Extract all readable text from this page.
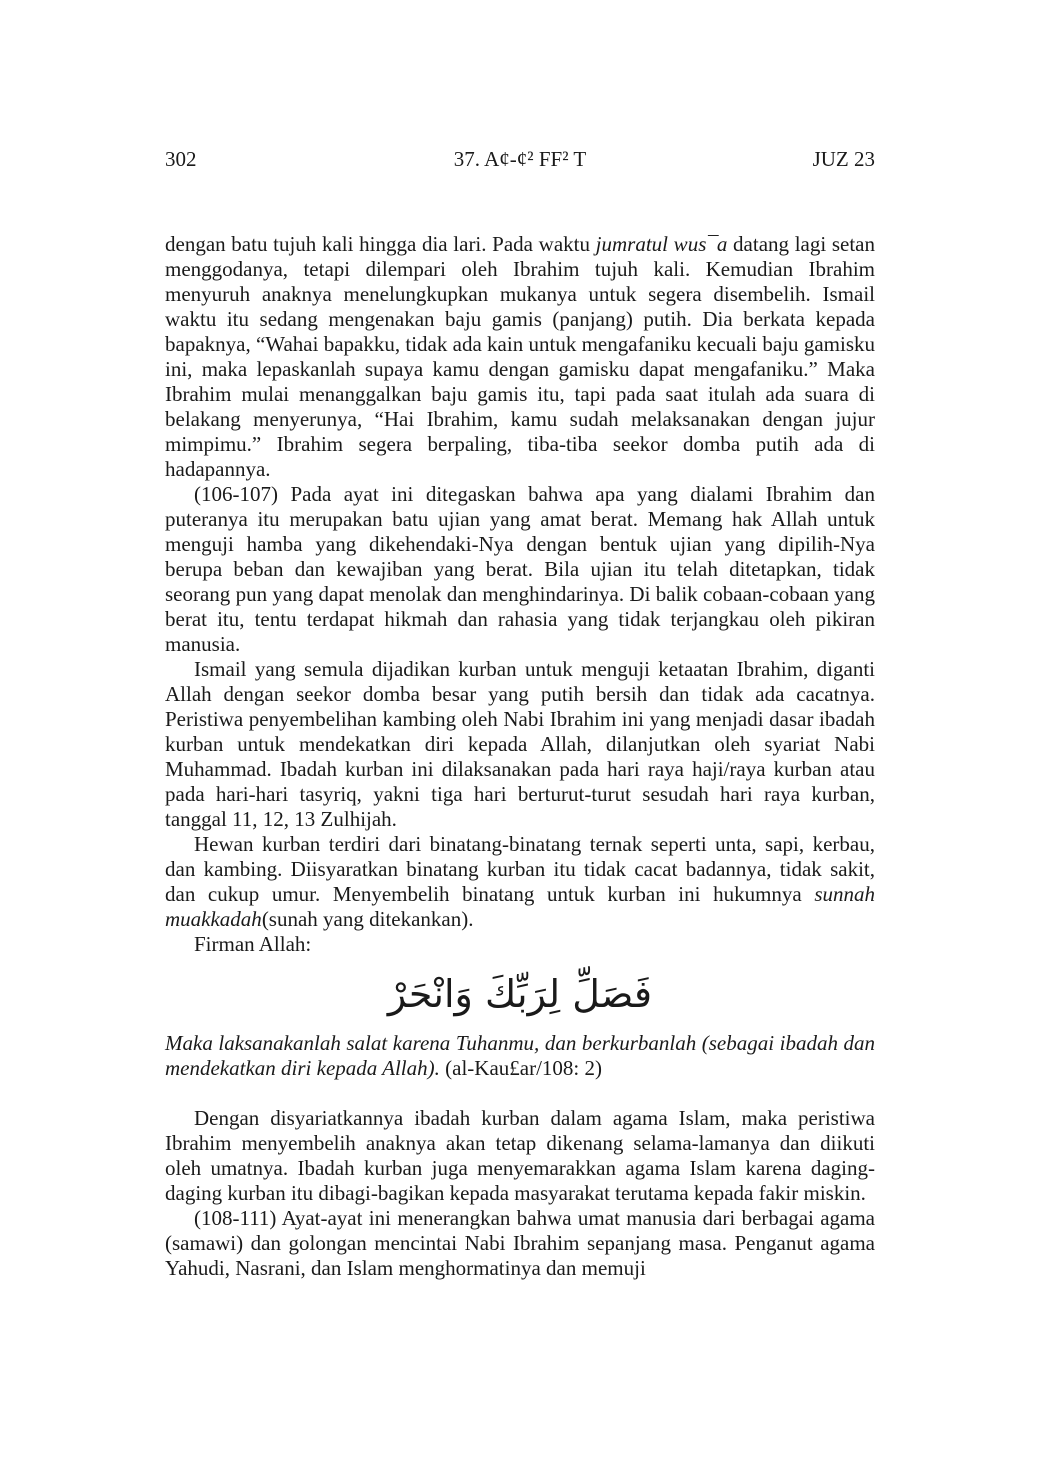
302	37. A¢-¢² FF² T	JUZ 23

dengan batu tujuh kali hingga dia lari. Pada waktu jumratul wus¯a datang lagi setan menggodanya, tetapi dilempari oleh Ibrahim tujuh kali. Kemudian Ibrahim menyuruh anaknya menelungkupkan mukanya untuk segera disembelih. Ismail waktu itu sedang mengenakan baju gamis (panjang) putih. Dia berkata kepada bapaknya, “Wahai bapakku, tidak ada kain untuk mengafaniku kecuali baju gamisku ini, maka lepaskanlah supaya kamu dengan gamisku dapat mengafaniku.” Maka Ibrahim mulai menanggalkan baju gamis itu, tapi pada saat itulah ada suara di belakang menyerunya, “Hai Ibrahim, kamu sudah melaksanakan dengan jujur mimpimu.” Ibrahim segera berpaling, tiba-tiba seekor domba putih ada di hadapannya.

(106-107) Pada ayat ini ditegaskan bahwa apa yang dialami Ibrahim dan puteranya itu merupakan batu ujian yang amat berat. Memang hak Allah untuk menguji hamba yang dikehendaki-Nya dengan bentuk ujian yang dipilih-Nya berupa beban dan kewajiban yang berat. Bila ujian itu telah ditetapkan, tidak seorang pun yang dapat menolak dan menghindarinya. Di balik cobaan-cobaan yang berat itu, tentu terdapat hikmah dan rahasia yang tidak terjangkau oleh pikiran manusia.

Ismail yang semula dijadikan kurban untuk menguji ketaatan Ibrahim, diganti Allah dengan seekor domba besar yang putih bersih dan tidak ada cacatnya. Peristiwa penyembelihan kambing oleh Nabi Ibrahim ini yang menjadi dasar ibadah kurban untuk mendekatkan diri kepada Allah, dilanjutkan oleh syariat Nabi Muhammad. Ibadah kurban ini dilaksanakan pada hari raya haji/raya kurban atau pada hari-hari tasyriq, yakni tiga hari berturut-turut sesudah hari raya kurban, tanggal 11, 12, 13 Zulhijah.

Hewan kurban terdiri dari binatang-binatang ternak seperti unta, sapi, kerbau, dan kambing. Diisyaratkan binatang kurban itu tidak cacat badannya, tidak sakit, dan cukup umur. Menyembelih binatang untuk kurban ini hukumnya sunnah muakkadah(sunah yang ditekankan).

Firman Allah:

فَصَلِّ لِرَبِّكَ وَانْحَرْ

Maka laksanakanlah salat karena Tuhanmu, dan berkurbanlah (sebagai ibadah dan mendekatkan diri kepada Allah). (al-Kau£ar/108: 2)

Dengan disyariatkannya ibadah kurban dalam agama Islam, maka peristiwa Ibrahim menyembelih anaknya akan tetap dikenang selama-lamanya dan diikuti oleh umatnya. Ibadah kurban juga menyemarakkan agama Islam karena daging-daging kurban itu dibagi-bagikan kepada masyarakat terutama kepada fakir miskin.

(108-111) Ayat-ayat ini menerangkan bahwa umat manusia dari berbagai agama (samawi) dan golongan mencintai Nabi Ibrahim sepanjang masa. Penganut agama Yahudi, Nasrani, dan Islam menghormatinya dan memuji
